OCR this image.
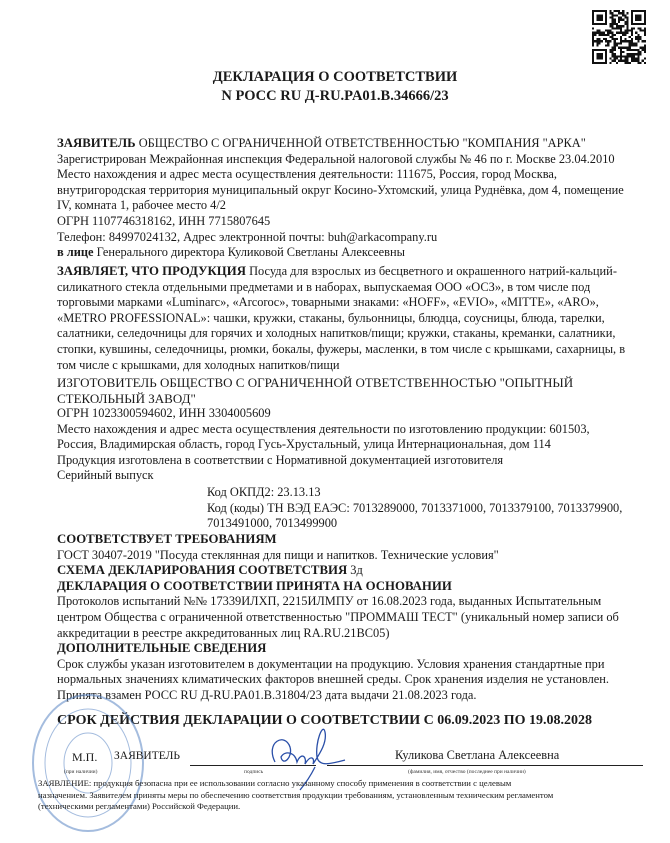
ДЕКЛАРАЦИЯ О СООТВЕТСТВИИ
N РОСС RU Д-RU.PA01.B.34666/23
ЗАЯВИТЕЛЬ ОБЩЕСТВО С ОГРАНИЧЕННОЙ ОТВЕТСТВЕННОСТЬЮ "КОМПАНИЯ "АРКА"
Зарегистрирован Межрайонная инспекция Федеральной налоговой службы № 46 по г. Москве 23.04.2010
Место нахождения и адрес места осуществления деятельности: 111675, Россия, город Москва,
внутригородская территория муниципальный округ Косино-Ухтомский, улица Руднёвка, дом 4, помещение
IV, комната 1, рабочее место 4/2
ОГРН 1107746318162, ИНН 7715807645
Телефон: 84997024132, Адрес электронной почты: buh@arkacompany.ru
в лице Генерального директора Куликовой Светланы Алексеевны
ЗАЯВЛЯЕТ, ЧТО ПРОДУКЦИЯ Посуда для взрослых из бесцветного и окрашенного натрий-кальций-
силикатного стекла отдельными предметами и в наборах, выпускаемая ООО «ОСЗ», в том числе под
торговыми марками «Luminarc», «Arcoroc», товарными знаками: «HOFF», «EVIO», «MITTE», «ARO»,
«METRO PROFESSIONAL»: чашки, кружки, стаканы, бульонницы, блюдца, соусницы, блюда, тарелки,
салатники, селедочницы для горячих и холодных напитков/пищи; кружки, стаканы, креманки, салатники,
стопки, кувшины, селедочницы, рюмки, бокалы, фужеры, масленки, в том числе с крышками, сахарницы, в
том числе с крышками, для холодных напитков/пищи
ИЗГОТОВИТЕЛЬ ОБЩЕСТВО С ОГРАНИЧЕННОЙ ОТВЕТСТВЕННОСТЬЮ "ОПЫТНЫЙ
СТЕКОЛЬНЫЙ ЗАВОД"
ОГРН 1023300594602, ИНН 3304005609
Место нахождения и адрес места осуществления деятельности по изготовлению продукции: 601503,
Россия, Владимирская область, город Гусь-Хрустальный, улица Интернациональная, дом 114
Продукция изготовлена в соответствии с Нормативной документацией изготовителя
Серийный выпуск
Код ОКПД2: 23.13.13
Код (коды) ТН ВЭД ЕАЭС: 7013289000, 7013371000, 7013379100, 7013379900,
7013491000, 7013499900
СООТВЕТСТВУЕТ ТРЕБОВАНИЯМ
ГОСТ 30407-2019 "Посуда стеклянная для пищи и напитков. Технические условия"
СХЕМА ДЕКЛАРИРОВАНИЯ СООТВЕТСТВИЯ 3д
ДЕКЛАРАЦИЯ О СООТВЕТСТВИИ ПРИНЯТА НА ОСНОВАНИИ
Протоколов испытаний №№ 17339ИЛХП, 2215ИЛМПУ от 16.08.2023 года, выданных Испытательным
центром Общества с ограниченной ответственностью "ПРОММАШ ТЕСТ" (уникальный номер записи об
аккредитации в реестре аккредитованных лиц RA.RU.21ВС05)
ДОПОЛНИТЕЛЬНЫЕ СВЕДЕНИЯ
Срок службы указан изготовителем в документации на продукцию. Условия хранения стандартные при
нормальных значениях климатических факторов внешней среды. Срок хранения изделия не установлен.
Принята взамен РОСС RU Д-RU.PA01.B.31804/23 дата выдачи 21.08.2023 года.
СРОК ДЕЙСТВИЯ ДЕКЛАРАЦИИ О СООТВЕТСТВИИ С 06.09.2023 ПО 19.08.2028
М.П.
(при наличии)
ЗАЯВИТЕЛЬ
подпись
Куликова Светлана Алексеевна
(фамилия, имя, отчество (последнее при наличии)
ЗАЯВЛЕНИЕ: продукция безопасна при ее использовании согласно указанному способу применения в соответствии с целевым
назначением. Заявителем приняты меры по обеспечению соответствия продукции требованиям, установленным техническим регламентом
(техническими регламентами) Российской Федерации.
